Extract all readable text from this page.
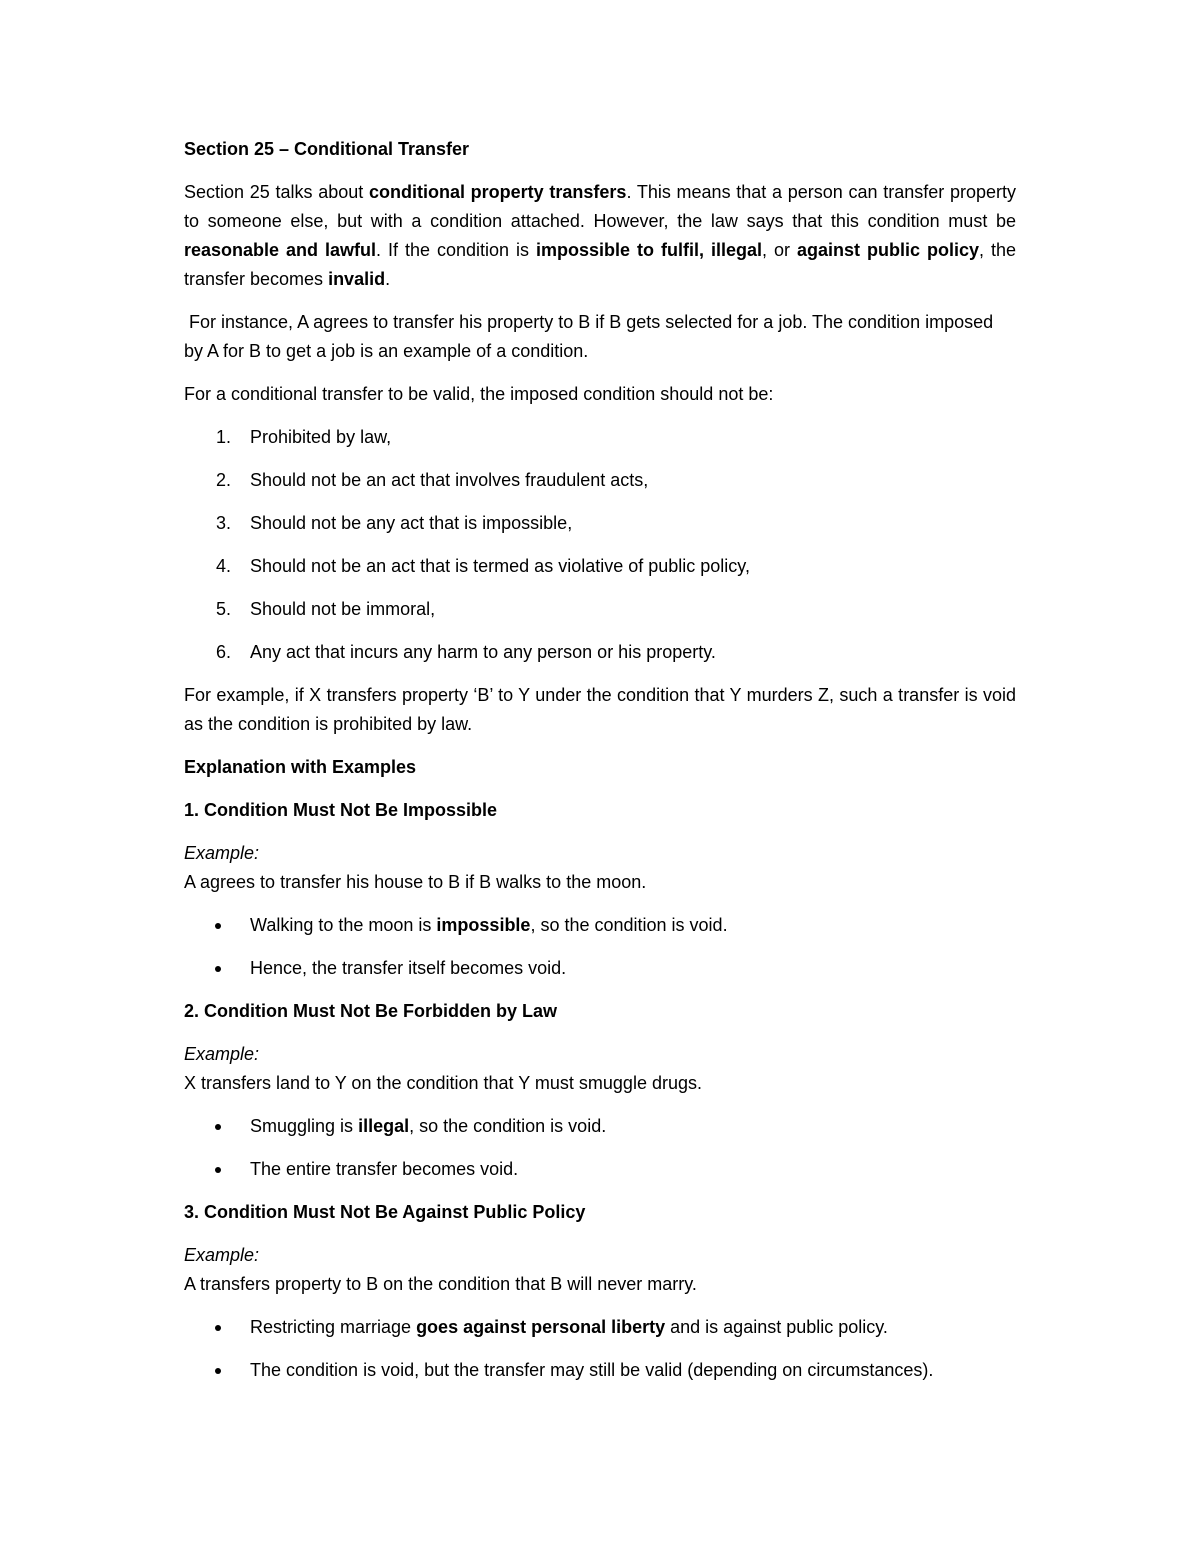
Section 25 – Conditional Transfer

Section 25 talks about conditional property transfers. This means that a person can transfer property to someone else, but with a condition attached. However, the law says that this condition must be reasonable and lawful. If the condition is impossible to fulfil, illegal, or against public policy, the transfer becomes invalid.

For instance, A agrees to transfer his property to B if B gets selected for a job. The condition imposed by A for B to get a job is an example of a condition.

For a conditional transfer to be valid, the imposed condition should not be:

1. Prohibited by law,
2. Should not be an act that involves fraudulent acts,
3. Should not be any act that is impossible,
4. Should not be an act that is termed as violative of public policy,
5. Should not be immoral,
6. Any act that incurs any harm to any person or his property.

For example, if X transfers property ‘B’ to Y under the condition that Y murders Z, such a transfer is void as the condition is prohibited by law.

Explanation with Examples

1. Condition Must Not Be Impossible

Example:

A agrees to transfer his house to B if B walks to the moon.

Walking to the moon is impossible, so the condition is void.
Hence, the transfer itself becomes void.

2. Condition Must Not Be Forbidden by Law

Example:

X transfers land to Y on the condition that Y must smuggle drugs.

Smuggling is illegal, so the condition is void.
The entire transfer becomes void.

3. Condition Must Not Be Against Public Policy

Example:

A transfers property to B on the condition that B will never marry.

Restricting marriage goes against personal liberty and is against public policy.
The condition is void, but the transfer may still be valid (depending on circumstances).
